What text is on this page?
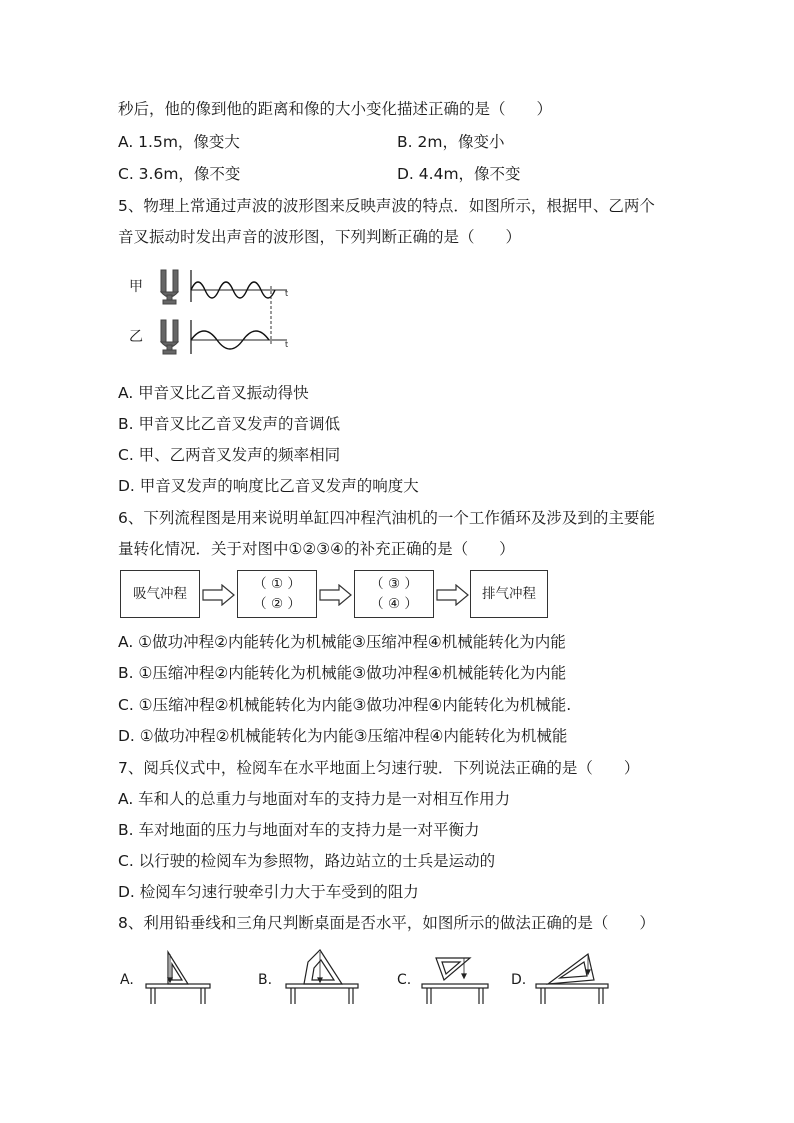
秒后，他的像到他的距离和像的大小变化描述正确的是（　　）
A. 1.5m，像变大	B. 2m，像变小
C. 3.6m，像不变	D. 4.4m，像不变
5、物理上常通过声波的波形图来反映声波的特点．如图所示，根据甲、乙两个
音叉振动时发出声音的波形图，下列判断正确的是（　　）
甲
乙
t
t
A. 甲音叉比乙音叉振动得快
B. 甲音叉比乙音叉发声的音调低
C. 甲、乙两音叉发声的频率相同
D. 甲音叉发声的响度比乙音叉发声的响度大
6、下列流程图是用来说明单缸四冲程汽油机的一个工作循环及涉及到的主要能
量转化情况．关于对图中①②③④的补充正确的是（　　）
吸气冲程
（ ① ）
（ ② ）
（ ③ ）
（ ④ ）
排气冲程
A. ①做功冲程②内能转化为机械能③压缩冲程④机械能转化为内能
B. ①压缩冲程②内能转化为机械能③做功冲程④机械能转化为内能
C. ①压缩冲程②机械能转化为内能③做功冲程④内能转化为机械能.
D. ①做功冲程②机械能转化为内能③压缩冲程④内能转化为机械能
7、阅兵仪式中，检阅车在水平地面上匀速行驶．下列说法正确的是（　　）
A. 车和人的总重力与地面对车的支持力是一对相互作用力
B. 车对地面的压力与地面对车的支持力是一对平衡力
C. 以行驶的检阅车为参照物，路边站立的士兵是运动的
D. 检阅车匀速行驶牵引力大于车受到的阻力
8、利用铅垂线和三角尺判断桌面是否水平，如图所示的做法正确的是（　　）
A.	B.	C.	D.
